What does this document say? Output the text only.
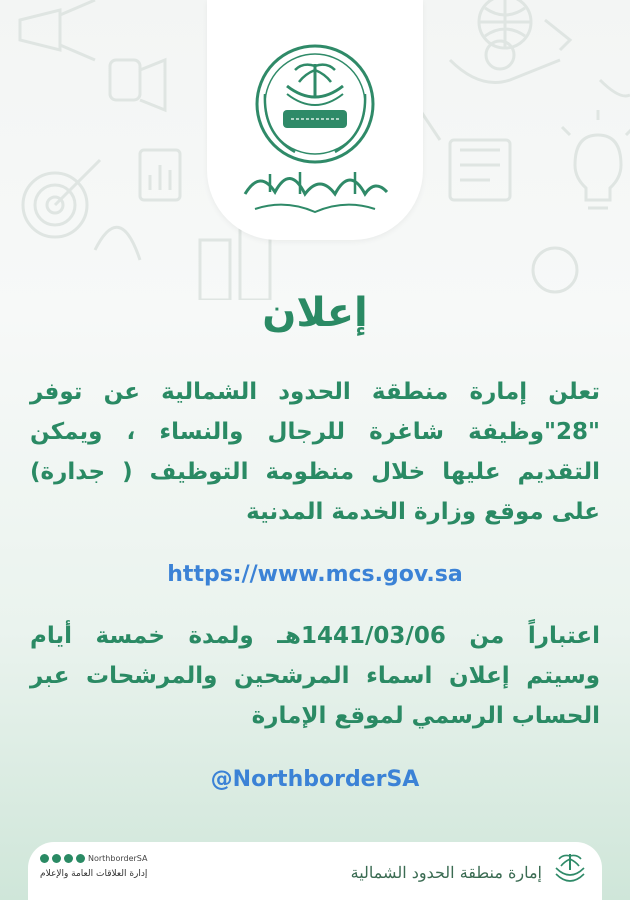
إعلان

تعلن إمارة منطقة الحدود الشمالية عن توفر "28"وظيفة شاغرة للرجال والنساء ، ويمكن التقديم عليها خلال منظومة التوظيف ( جدارة) على موقع وزارة الخدمة المدنية

https://www.mcs.gov.sa

اعتباراً من 1441/03/06هـ ولمدة خمسة أيام وسيتم إعلان اسماء المرشحين والمرشحات عبر الحساب الرسمي لموقع الإمارة

@NorthborderSA
NorthborderSA
إدارة العلاقات العامة والإعلام	إمارة منطقة الحدود الشمالية
